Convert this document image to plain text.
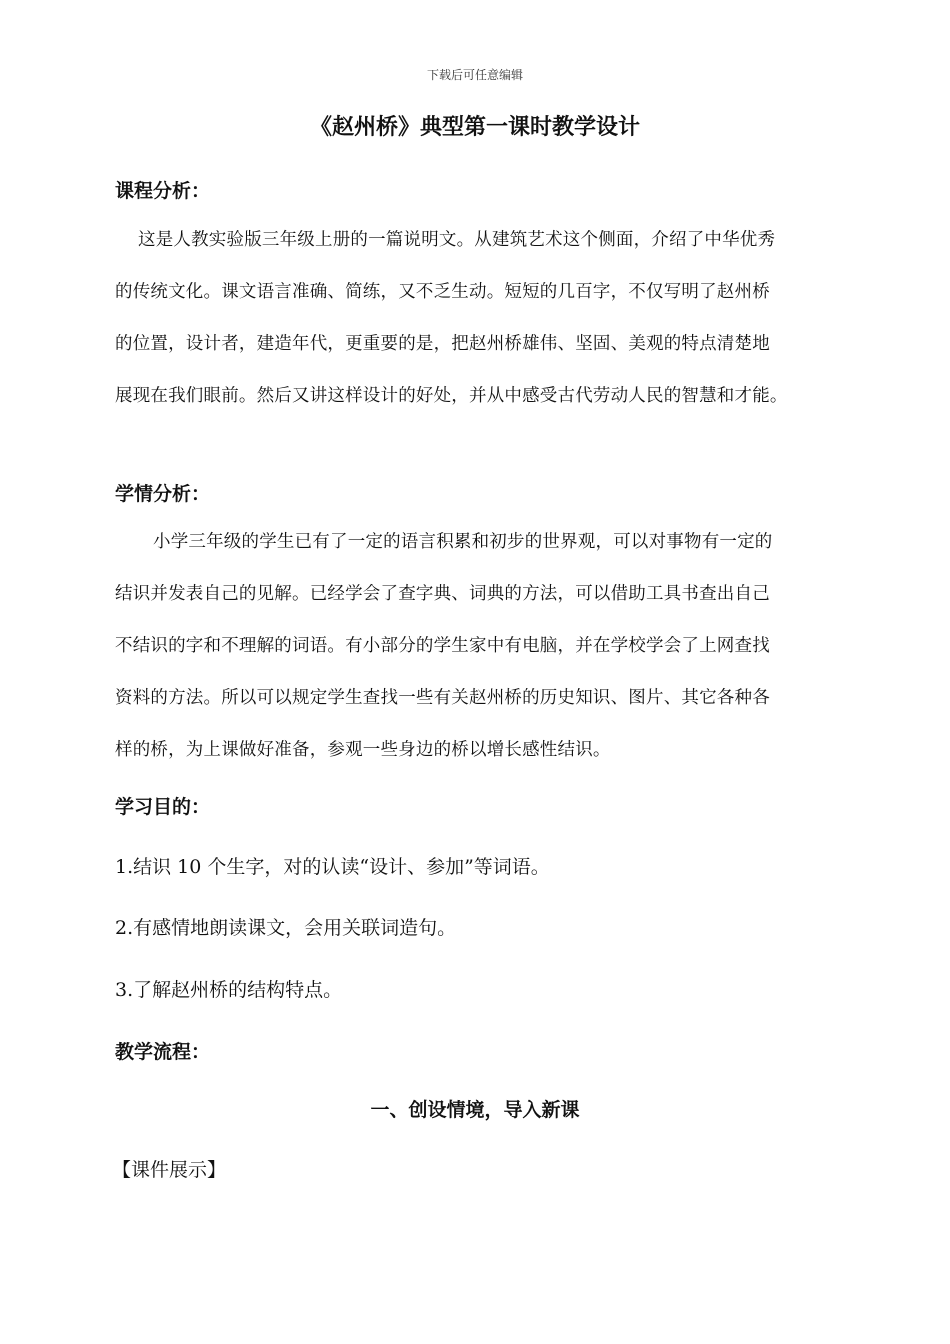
下载后可任意编辑
《赵州桥》典型第一课时教学设计
课程分析：
这是人教实验版三年级上册的一篇说明文。从建筑艺术这个侧面，介绍了中华优秀
的传统文化。课文语言准确、简练，又不乏生动。短短的几百字，不仅写明了赵州桥
的位置，设计者，建造年代，更重要的是，把赵州桥雄伟、坚固、美观的特点清楚地
展现在我们眼前。然后又讲这样设计的好处，并从中感受古代劳动人民的智慧和才能。
学情分析：
小学三年级的学生已有了一定的语言积累和初步的世界观，可以对事物有一定的
结识并发表自己的见解。已经学会了查字典、词典的方法，可以借助工具书查出自己
不结识的字和不理解的词语。有小部分的学生家中有电脑，并在学校学会了上网查找
资料的方法。所以可以规定学生查找一些有关赵州桥的历史知识、图片、其它各种各
样的桥，为上课做好准备，参观一些身边的桥以增长感性结识。
学习目的：
1.结识 10 个生字，对的认读“设计、参加”等词语。
2.有感情地朗读课文，会用关联词造句。
3.了解赵州桥的结构特点。
教学流程：
一、创设情境，导入新课
【课件展示】
